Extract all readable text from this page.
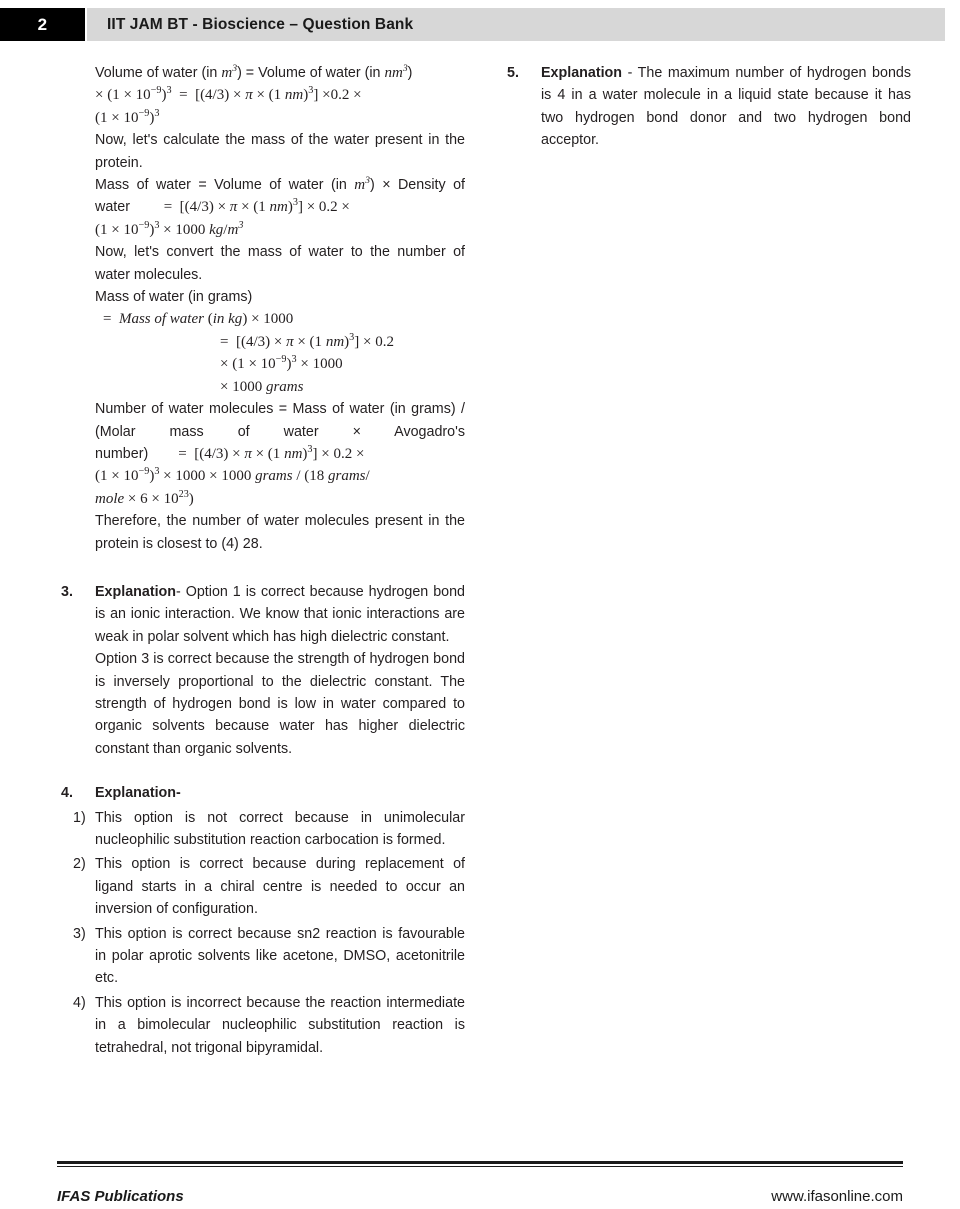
2	IIT JAM BT - Bioscience – Question Bank

Volume of water (in $m^3$) = Volume of water (in $nm^3$)

× $(1 \times 10^{-9})^3 = [(4/3) \times \pi \times (1$ nm)$^3$] ×0.2 ×
$(1 \times 10^{-9})^3$

Now, let's calculate the mass of the water present in the protein.

Mass of water = Volume of water (in $m^3$) × Density of water         =  [(4/3) × π × (1 nm)$^3$] × 0.2 ×

$(1 \times 10^{-9})^3 \times 1000$ $kg/m^3$

Now, let's convert the mass of water to the number of water molecules.

Mass of water (in grams)

=  Mass of water (in kg) × 1000
=  [(4/3) × π × (1 nm)$^3$] × 0.2
× $(1 \times 10^{-9})^3 \times 1000$
× 1000 grams

Number of water molecules = Mass of water (in grams) / (Molar mass of water × Avogadro's number)        =  [(4/3) × π × (1 nm)$^3$] × 0.2 ×

$(1 \times 10^{-9})^3 \times 1000 \times 1000$ grams / (18 grams/
mole × $6 \times 10^{23}$)

Therefore, the number of water molecules present in the protein is closest to (4) 28.

3.	Explanation- Option 1 is correct because hydrogen bond is an ionic interaction. We know that ionic interactions are weak in polar solvent which has high dielectric constant.
Option 3 is correct because the strength of hydrogen bond is inversely proportional to the dielectric constant. The strength of hydrogen bond is low in water compared to organic solvents because water has higher dielectric constant than organic solvents.
4.	Explanation-
1) This option is not correct because in unimolecular nucleophilic substitution reaction carbocation is formed.
2) This option is correct because during replacement of ligand starts in a chiral centre is needed to occur an inversion of configuration.
3) This option is correct because sn2 reaction is favourable in polar aprotic solvents like acetone, DMSO, acetonitrile etc.
4) This option is incorrect because the reaction intermediate in a bimolecular nucleophilic substitution reaction is tetrahedral, not trigonal bipyramidal.
5.	Explanation - The maximum number of hydrogen bonds is 4 in a water molecule in a liquid state because it has two hydrogen bond donor and two hydrogen bond acceptor.
IFAS Publications	www.ifasonline.com
